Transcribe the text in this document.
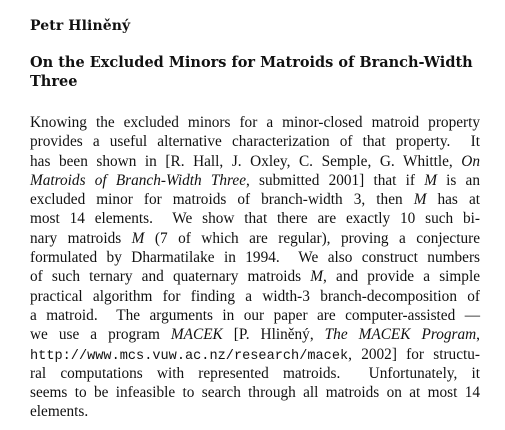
Petr Hliněný
On the Excluded Minors for Matroids of Branch-Width
Three
Knowing the excluded minors for a minor-closed matroid property
provides a useful alternative characterization of that property.  It
has been shown in [R. Hall, J. Oxley, C. Semple, G. Whittle, On
Matroids of Branch-Width Three, submitted 2001] that if M is an
excluded minor for matroids of branch-width 3, then M has at
most 14 elements.  We show that there are exactly 10 such bi-
nary matroids M (7 of which are regular), proving a conjecture
formulated by Dharmatilake in 1994.  We also construct numbers
of such ternary and quaternary matroids M, and provide a simple
practical algorithm for finding a width-3 branch-decomposition of
a matroid.  The arguments in our paper are computer-assisted —
we use a program MACEK [P. Hliněný, The MACEK Program,
http://www.mcs.vuw.ac.nz/research/macek, 2002] for structu-
ral computations with represented matroids.  Unfortunately, it
seems to be infeasible to search through all matroids on at most 14
elements.
